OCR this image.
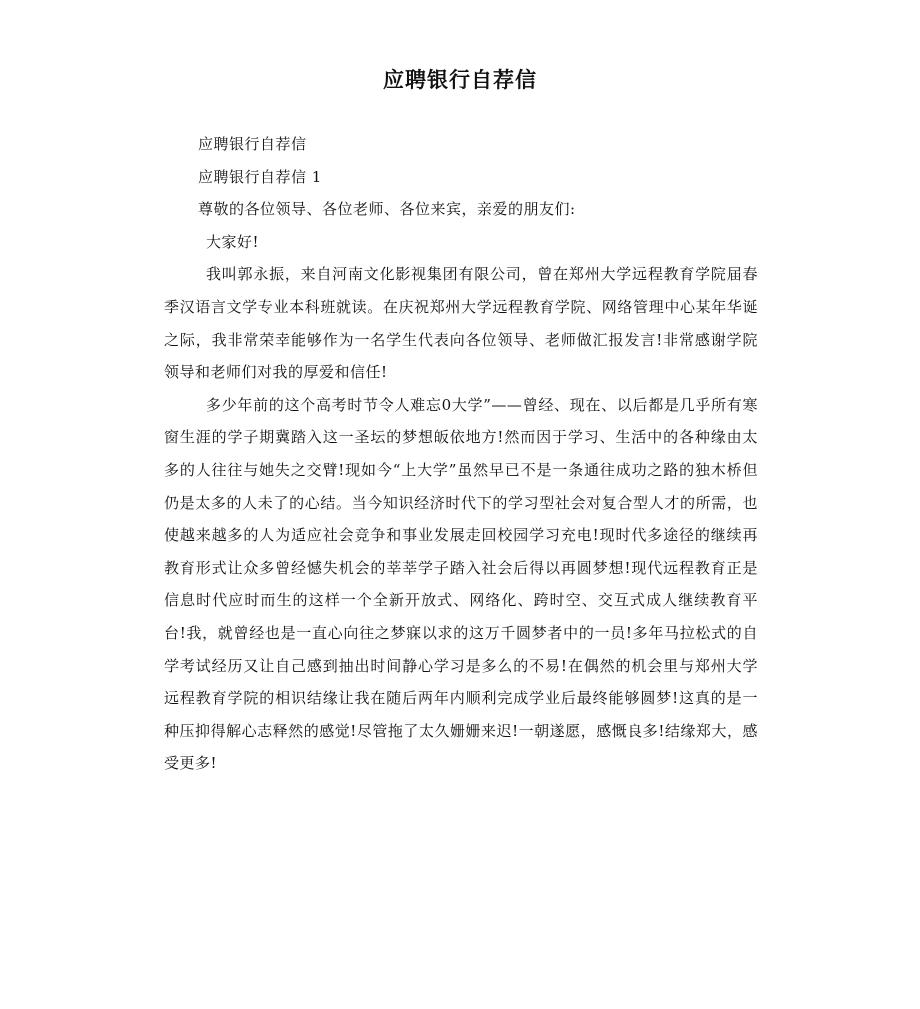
应聘银行自荐信

应聘银行自荐信

应聘银行自荐信 1

尊敬的各位领导、各位老师、各位来宾，亲爱的朋友们:

大家好!

我叫郭永振，来自河南文化影视集团有限公司，曾在郑州大学远程教育学院届春季汉语言文学专业本科班就读。在庆祝郑州大学远程教育学院、网络管理中心某年华诞之际，我非常荣幸能够作为一名学生代表向各位领导、老师做汇报发言!非常感谢学院领导和老师们对我的厚爱和信任!

多少年前的这个高考时节令人难忘0大学”——曾经、现在、以后都是几乎所有寒窗生涯的学子期冀踏入这一圣坛的梦想皈依地方!然而因于学习、生活中的各种缘由太多的人往往与她失之交臂!现如今“上大学”虽然早已不是一条通往成功之路的独木桥但仍是太多的人未了的心结。当今知识经济时代下的学习型社会对复合型人才的所需，也使越来越多的人为适应社会竞争和事业发展走回校园学习充电!现时代多途径的继续再教育形式让众多曾经憾失机会的莘莘学子踏入社会后得以再圆梦想!现代远程教育正是信息时代应时而生的这样一个全新开放式、网络化、跨时空、交互式成人继续教育平台!我，就曾经也是一直心向往之梦寐以求的这万千圆梦者中的一员!多年马拉松式的自学考试经历又让自己感到抽出时间静心学习是多么的不易!在偶然的机会里与郑州大学远程教育学院的相识结缘让我在随后两年内顺利完成学业后最终能够圆梦!这真的是一种压抑得解心志释然的感觉!尽管拖了太久姗姗来迟!一朝遂愿，感慨良多!结缘郑大，感受更多!
